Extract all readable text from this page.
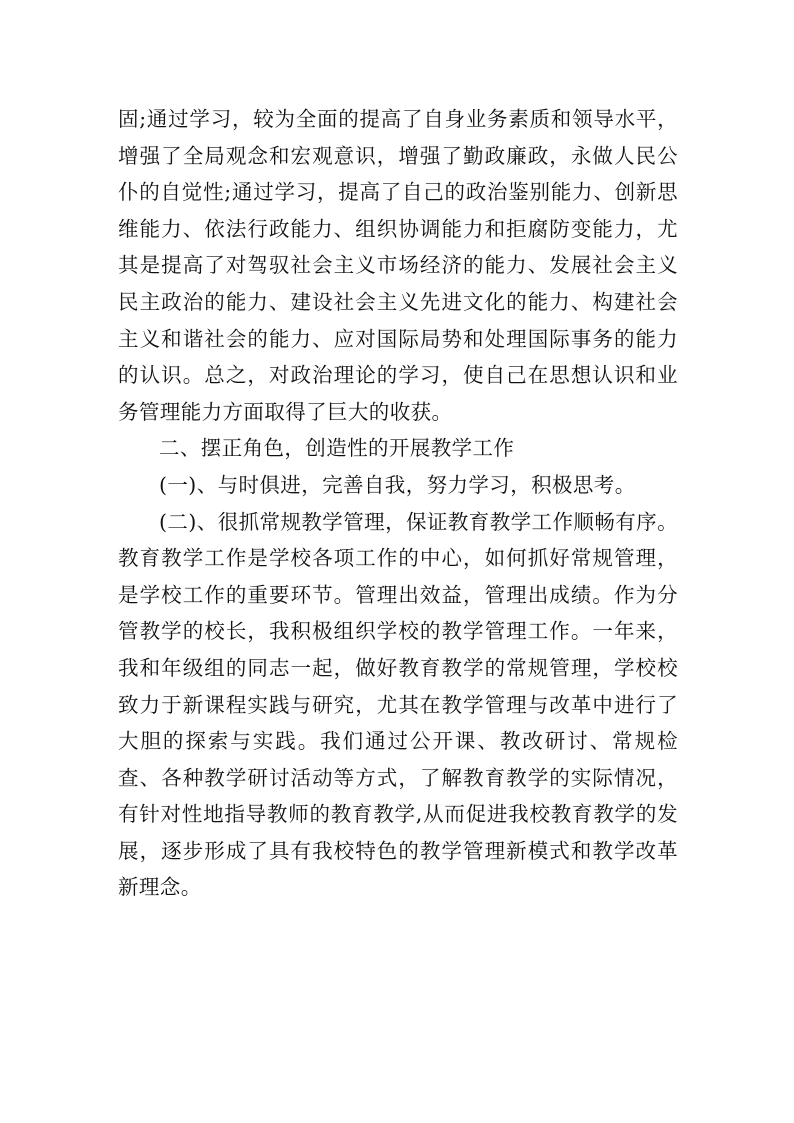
固;通过学习，较为全面的提高了自身业务素质和领导水平，增强了全局观念和宏观意识，增强了勤政廉政，永做人民公仆的自觉性;通过学习，提高了自己的政治鉴别能力、创新思维能力、依法行政能力、组织协调能力和拒腐防变能力，尤其是提高了对驾驭社会主义市场经济的能力、发展社会主义民主政治的能力、建设社会主义先进文化的能力、构建社会主义和谐社会的能力、应对国际局势和处理国际事务的能力的认识。总之，对政治理论的学习，使自己在思想认识和业务管理能力方面取得了巨大的收获。

二、摆正角色，创造性的开展教学工作

(一)、与时俱进，完善自我，努力学习，积极思考。

(二)、很抓常规教学管理，保证教育教学工作顺畅有序。教育教学工作是学校各项工作的中心，如何抓好常规管理，是学校工作的重要环节。管理出效益，管理出成绩。作为分管教学的校长，我积极组织学校的教学管理工作。一年来，我和年级组的同志一起，做好教育教学的常规管理，学校校致力于新课程实践与研究，尤其在教学管理与改革中进行了大胆的探索与实践。我们通过公开课、教改研讨、常规检查、各种教学研讨活动等方式，了解教育教学的实际情况，有针对性地指导教师的教育教学,从而促进我校教育教学的发展，逐步形成了具有我校特色的教学管理新模式和教学改革新理念。
